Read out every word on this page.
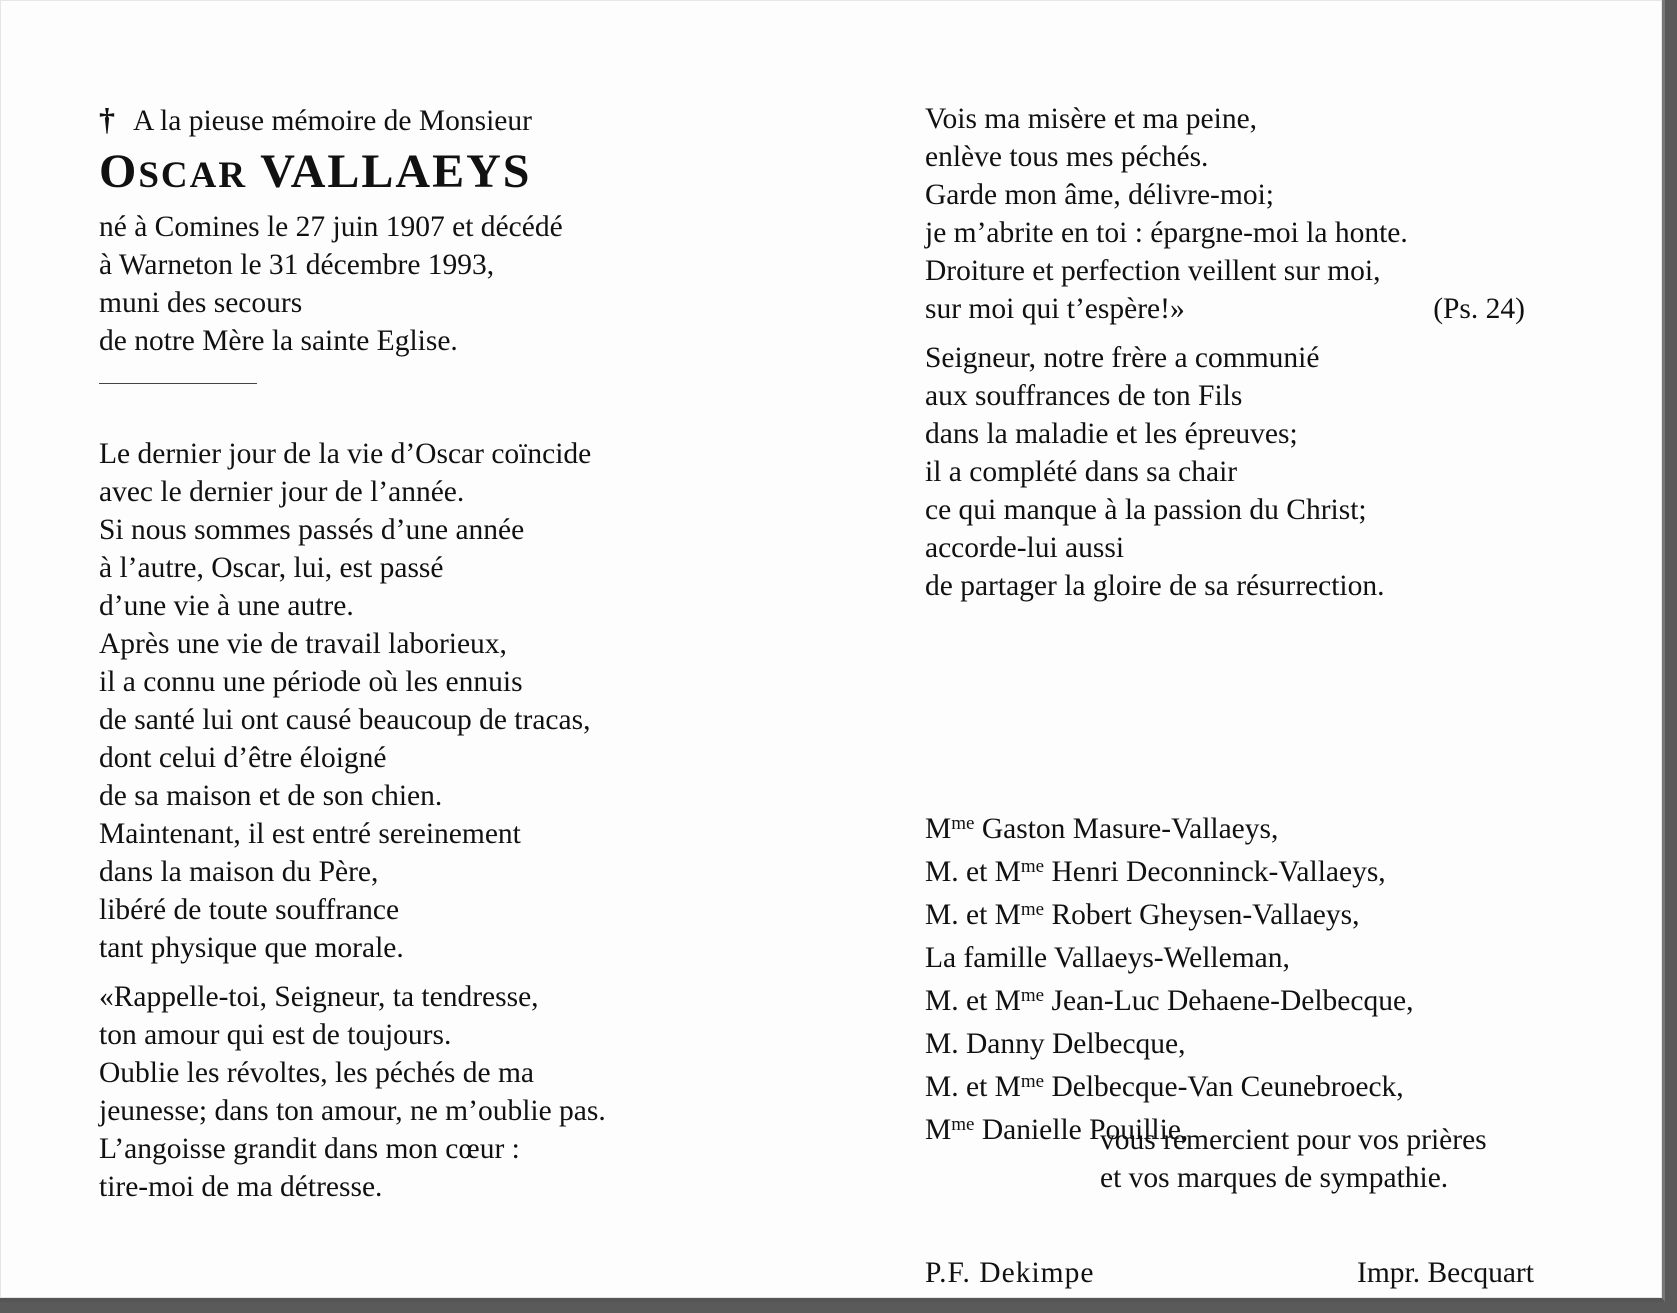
† A la pieuse mémoire de Monsieur
OSCAR VALLAEYS
né à Comines le 27 juin 1907 et décédé
à Warneton le 31 décembre 1993,
muni des secours
de notre Mère la sainte Eglise.
Le dernier jour de la vie d’Oscar coïncide
avec le dernier jour de l’année.
Si nous sommes passés d’une année
à l’autre, Oscar, lui, est passé
d’une vie à une autre.
Après une vie de travail laborieux,
il a connu une période où les ennuis
de santé lui ont causé beaucoup de tracas,
dont celui d’être éloigné
de sa maison et de son chien.
Maintenant, il est entré sereinement
dans la maison du Père,
libéré de toute souffrance
tant physique que morale.
«Rappelle-toi, Seigneur, ta tendresse,
ton amour qui est de toujours.
Oublie les révoltes, les péchés de ma
jeunesse; dans ton amour, ne m’oublie pas.
L’angoisse grandit dans mon cœur :
tire-moi de ma détresse.
Vois ma misère et ma peine,
enlève tous mes péchés.
Garde mon âme, délivre-moi;
je m’abrite en toi : épargne-moi la honte.
Droiture et perfection veillent sur moi,
sur moi qui t’espère!»	(Ps. 24)
Seigneur, notre frère a communié
aux souffrances de ton Fils
dans la maladie et les épreuves;
il a complété dans sa chair
ce qui manque à la passion du Christ;
accorde-lui aussi
de partager la gloire de sa résurrection.
$M^{me}$ Gaston Masure-Vallaeys,
M. et $M^{me}$ Henri Deconninck-Vallaeys,
M. et $M^{me}$ Robert Gheysen-Vallaeys,
La famille Vallaeys-Welleman,
M. et $M^{me}$ Jean-Luc Dehaene-Delbecque,
M. Danny Delbecque,
M. et $M^{me}$ Delbecque-Van Ceunebroeck,
$M^{me}$ Danielle Pouillie,
vous remercient pour vos prières
et vos marques de sympathie.
P.F. Dekimpe	Impr. Becquart
